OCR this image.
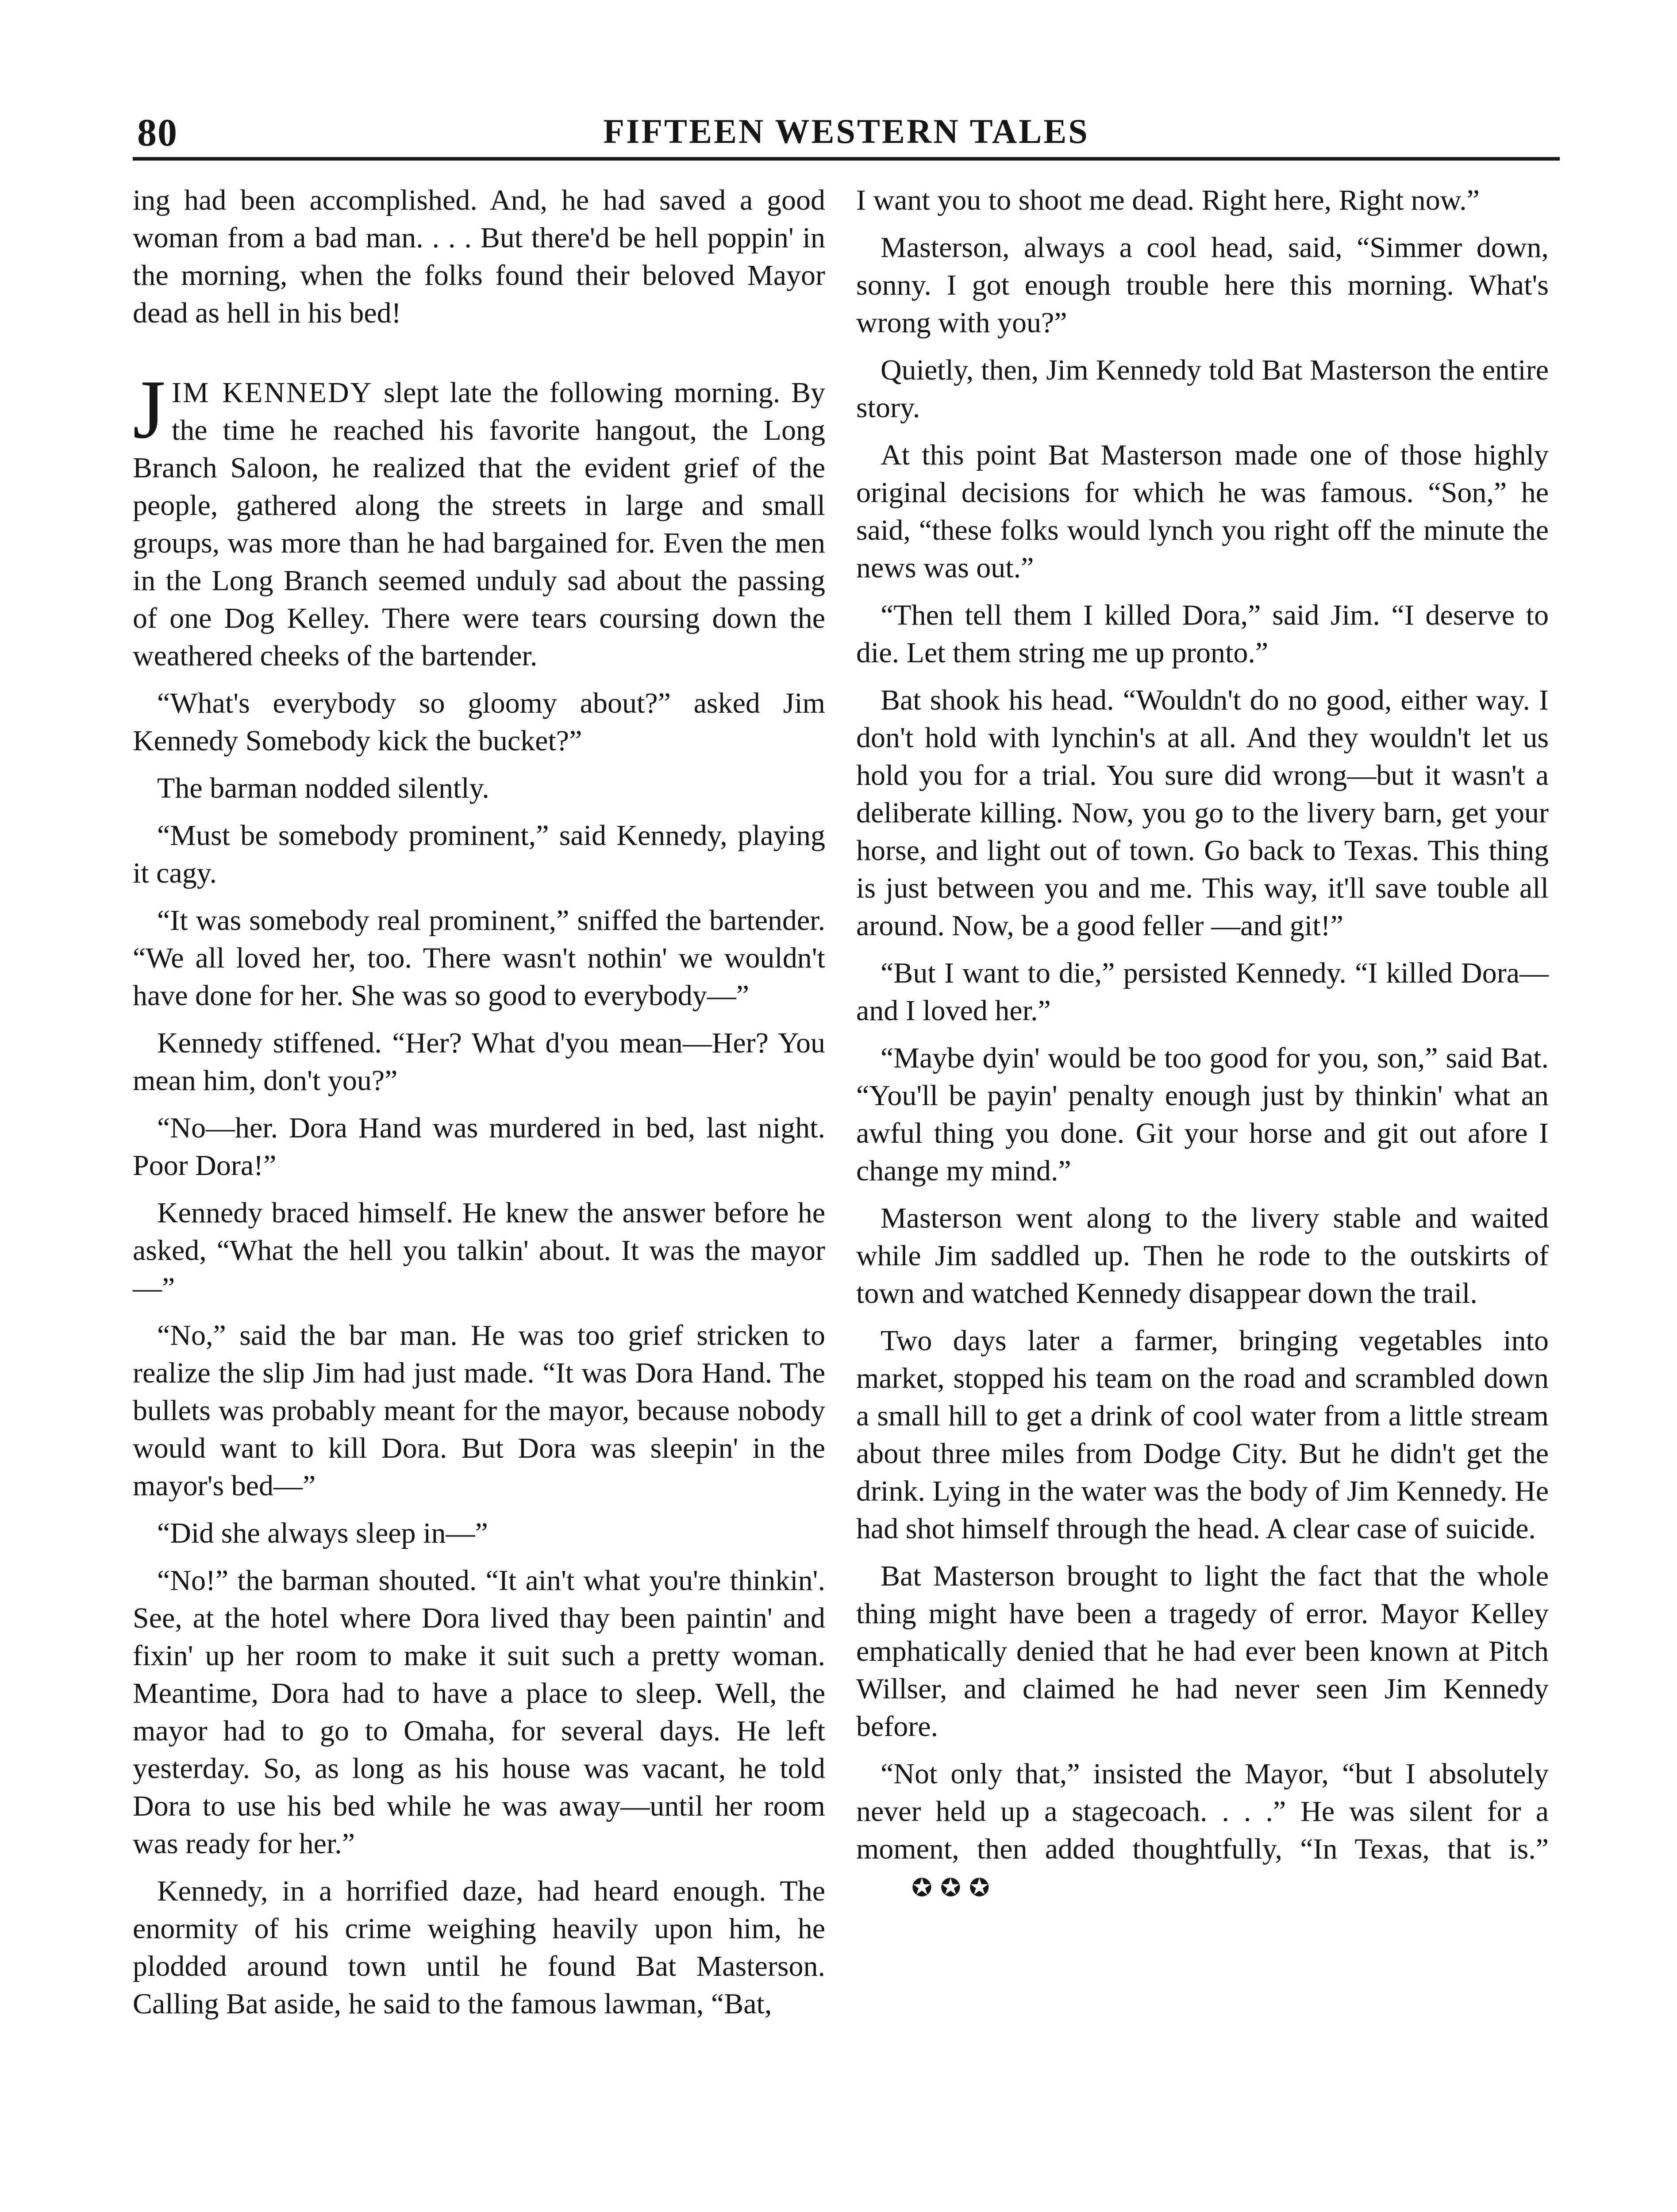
80	FIFTEEN WESTERN TALES

ing had been accomplished. And, he had saved a good woman from a bad man. . . . But there'd be hell poppin' in the morning, when the folks found their beloved Mayor dead as hell in his bed!

JIM KENNEDY slept late the following morning. By the time he reached his favorite hangout, the Long Branch Saloon, he realized that the evident grief of the people, gathered along the streets in large and small groups, was more than he had bargained for. Even the men in the Long Branch seemed unduly sad about the passing of one Dog Kelley. There were tears coursing down the weathered cheeks of the bartender.

“What's everybody so gloomy about?” asked Jim Kennedy Somebody kick the bucket?”

The barman nodded silently.

“Must be somebody prominent,” said Kennedy, playing it cagy.

“It was somebody real prominent,” sniffed the bartender. “We all loved her, too. There wasn't nothin' we wouldn't have done for her. She was so good to everybody—”

Kennedy stiffened. “Her? What d'you mean—Her? You mean him, don't you?”

“No—her. Dora Hand was murdered in bed, last night. Poor Dora!”

Kennedy braced himself. He knew the answer before he asked, “What the hell you talkin' about. It was the mayor—”

“No,” said the bar man. He was too grief stricken to realize the slip Jim had just made. “It was Dora Hand. The bullets was probably meant for the mayor, because nobody would want to kill Dora. But Dora was sleepin' in the mayor's bed—”

“Did she always sleep in—”

“No!” the barman shouted. “It ain't what you're thinkin'. See, at the hotel where Dora lived thay been paintin' and fixin' up her room to make it suit such a pretty woman. Meantime, Dora had to have a place to sleep. Well, the mayor had to go to Omaha, for several days. He left yesterday. So, as long as his house was vacant, he told Dora to use his bed while he was away—until her room was ready for her.”

Kennedy, in a horrified daze, had heard enough. The enormity of his crime weighing heavily upon him, he plodded around town until he found Bat Masterson. Calling Bat aside, he said to the famous lawman, “Bat,

I want you to shoot me dead. Right here, Right now.”

Masterson, always a cool head, said, “Simmer down, sonny. I got enough trouble here this morning. What's wrong with you?”

Quietly, then, Jim Kennedy told Bat Masterson the entire story.

At this point Bat Masterson made one of those highly original decisions for which he was famous. “Son,” he said, “these folks would lynch you right off the minute the news was out.”

“Then tell them I killed Dora,” said Jim. “I deserve to die. Let them string me up pronto.”

Bat shook his head. “Wouldn't do no good, either way. I don't hold with lynchin's at all. And they wouldn't let us hold you for a trial. You sure did wrong—but it wasn't a deliberate killing. Now, you go to the livery barn, get your horse, and light out of town. Go back to Texas. This thing is just between you and me. This way, it'll save touble all around. Now, be a good feller —and git!”

“But I want to die,” persisted Kennedy. “I killed Dora—and I loved her.”

“Maybe dyin' would be too good for you, son,” said Bat. “You'll be payin' penalty enough just by thinkin' what an awful thing you done. Git your horse and git out afore I change my mind.”

Masterson went along to the livery stable and waited while Jim saddled up. Then he rode to the outskirts of town and watched Kennedy disappear down the trail.

Two days later a farmer, bringing vegetables into market, stopped his team on the road and scrambled down a small hill to get a drink of cool water from a little stream about three miles from Dodge City. But he didn't get the drink. Lying in the water was the body of Jim Kennedy. He had shot himself through the head. A clear case of suicide.

Bat Masterson brought to light the fact that the whole thing might have been a tragedy of error. Mayor Kelley emphatically denied that he had ever been known at Pitch Willser, and claimed he had never seen Jim Kennedy before.

“Not only that,” insisted the Mayor, “but I absolutely never held up a stagecoach. . . .” He was silent for a moment, then added thoughtfully, “In Texas, that is.”✪✪✪
